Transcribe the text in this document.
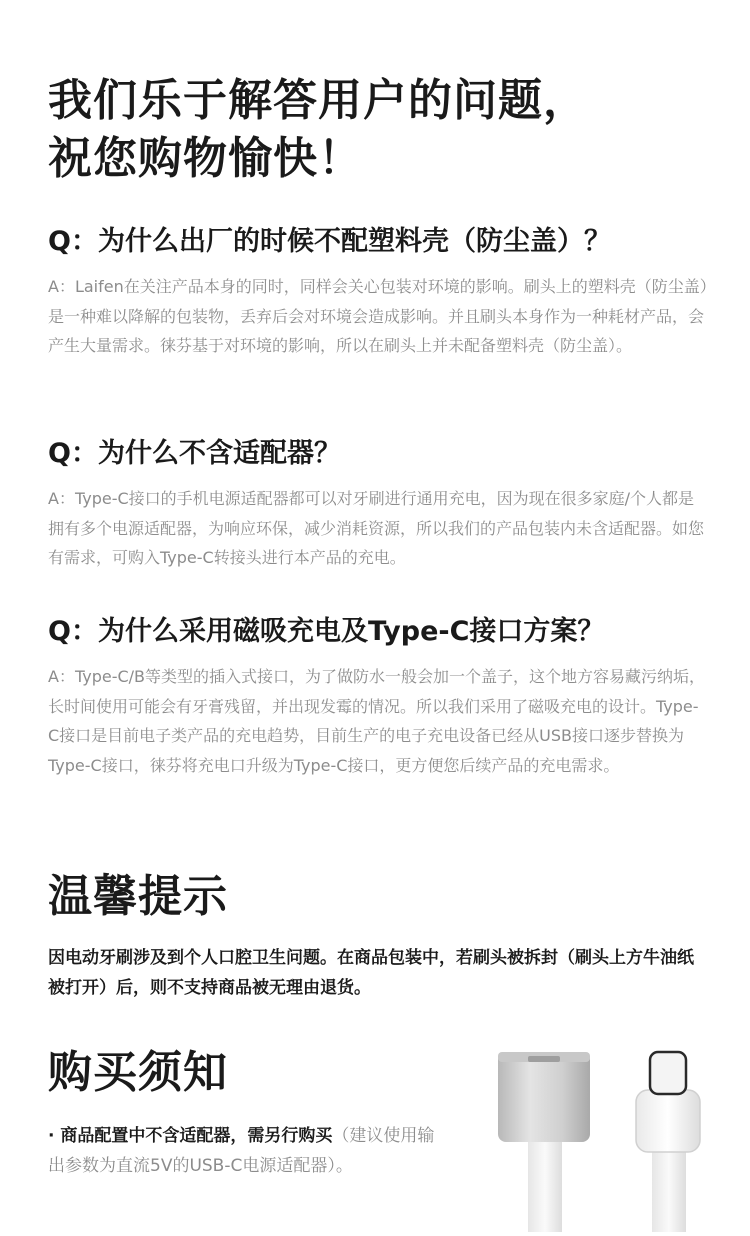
我们乐于解答用户的问题，
祝您购物愉快！

Q：为什么出厂的时候不配塑料壳（防尘盖）？

A：Laifen在关注产品本身的同时，同样会关心包装对环境的影响。刷头上的塑料壳（防尘盖）是一种难以降解的包装物，丢弃后会对环境会造成影响。并且刷头本身作为一种耗材产品，会产生大量需求。徕芬基于对环境的影响，所以在刷头上并未配备塑料壳（防尘盖）。

Q：为什么不含适配器？

A：Type-C接口的手机电源适配器都可以对牙刷进行通用充电，因为现在很多家庭/个人都是拥有多个电源适配器，为响应环保，减少消耗资源，所以我们的产品包装内未含适配器。如您有需求，可购入Type-C转接头进行本产品的充电。

Q：为什么采用磁吸充电及Type-C接口方案？

A：Type-C/B等类型的插入式接口，为了做防水一般会加一个盖子，这个地方容易藏污纳垢，长时间使用可能会有牙膏残留，并出现发霉的情况。所以我们采用了磁吸充电的设计。Type-C接口是目前电子类产品的充电趋势，目前生产的电子充电设备已经从USB接口逐步替换为Type-C接口，徕芬将充电口升级为Type-C接口，更方便您后续产品的充电需求。

温馨提示
因电动牙刷涉及到个人口腔卫生问题。在商品包装中，若刷头被拆封（刷头上方牛油纸被打开）后，则不支持商品被无理由退货。
购买须知
· 商品配置中不含适配器，需另行购买（建议使用输出参数为直流5V的USB-C电源适配器）。
